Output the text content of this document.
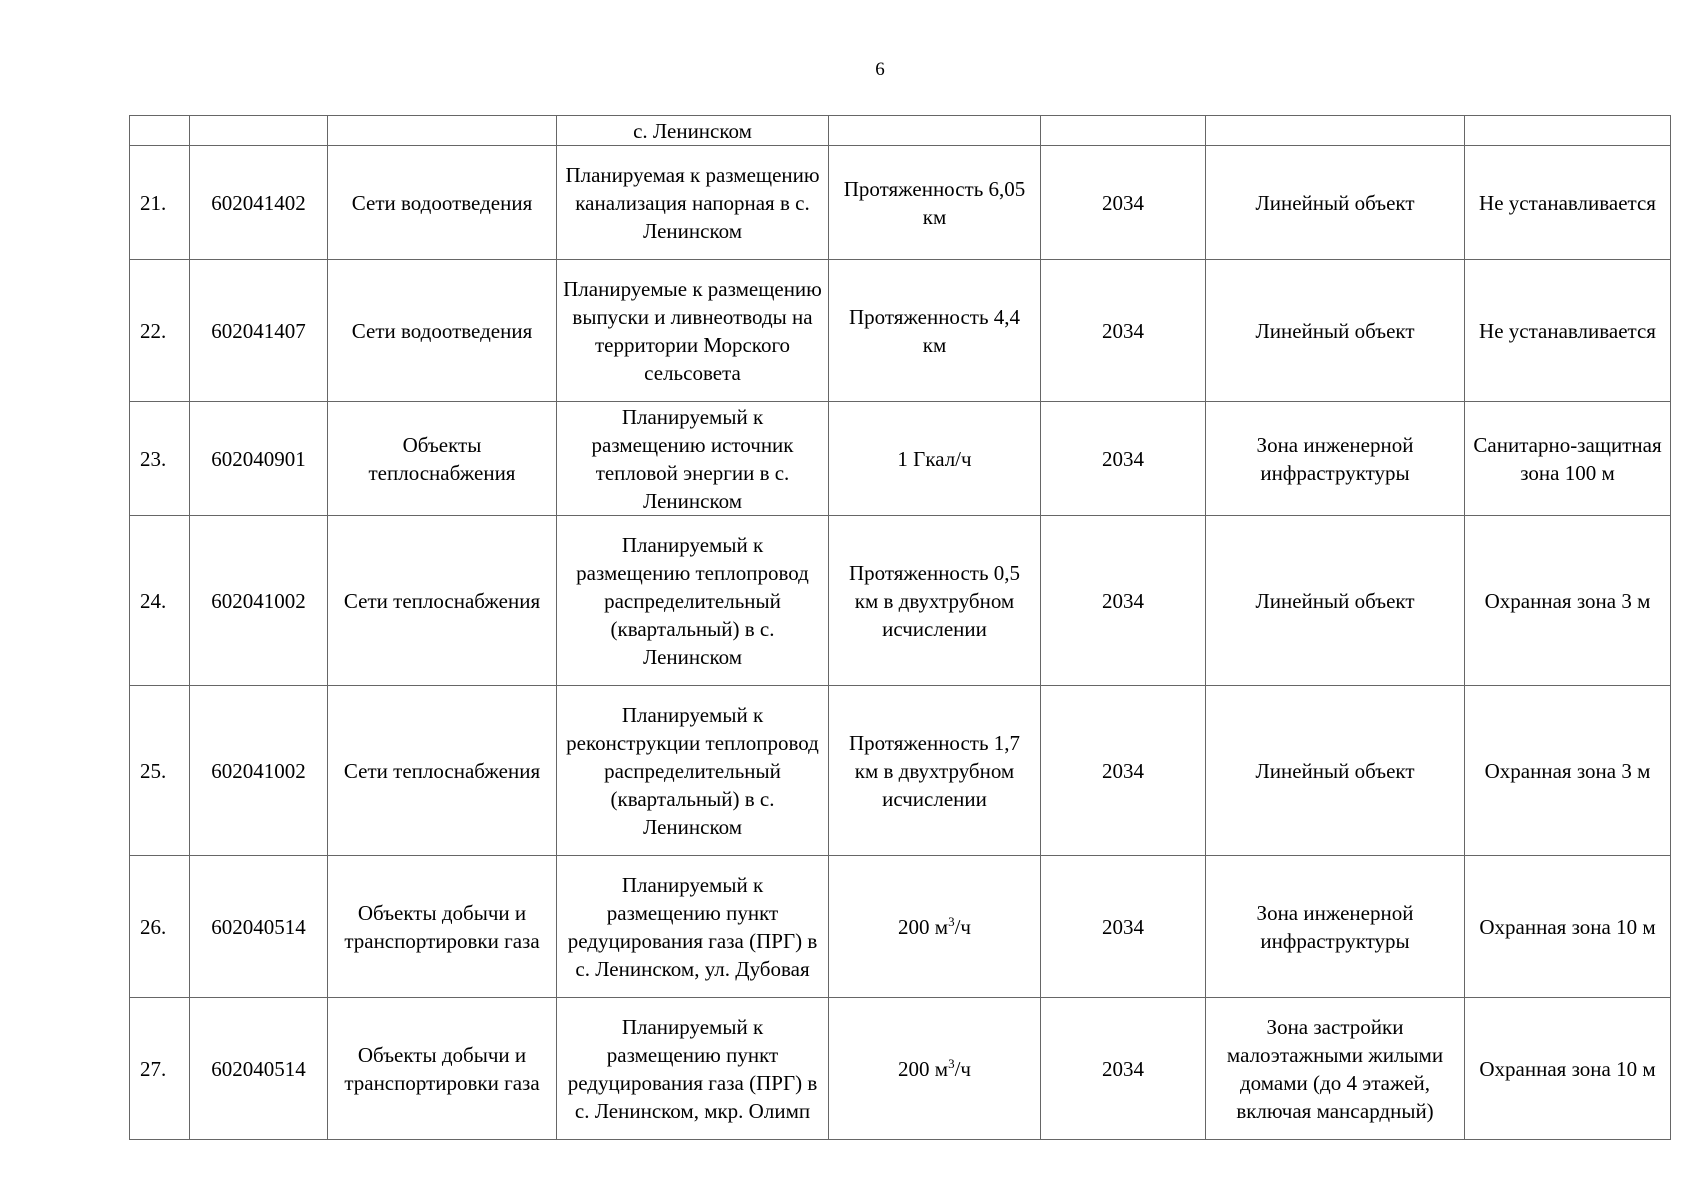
6
			с. Ленинском				
21.	602041402	Сети водоотведения	Планируемая к размещению канализация напорная в с. Ленинском	Протяженность 6,05 км	2034	Линейный объект	Не устанавливается
22.	602041407	Сети водоотведения	Планируемые к размещению выпуски и ливнеотводы на территории Морского сельсовета	Протяженность 4,4 км	2034	Линейный объект	Не устанавливается
23.	602040901	Объекты теплоснабжения	Планируемый к размещению источник тепловой энергии в с. Ленинском	1 Гкал/ч	2034	Зона инженерной инфраструктуры	Санитарно-защитная зона 100 м
24.	602041002	Сети теплоснабжения	Планируемый к размещению теплопровод распределительный (квартальный) в с. Ленинском	Протяженность 0,5 км в двухтрубном исчислении	2034	Линейный объект	Охранная зона 3 м
25.	602041002	Сети теплоснабжения	Планируемый к реконструкции теплопровод распределительный (квартальный) в с. Ленинском	Протяженность 1,7 км в двухтрубном исчислении	2034	Линейный объект	Охранная зона 3 м
26.	602040514	Объекты добычи и транспортировки газа	Планируемый к размещению пункт редуцирования газа (ПРГ) в с. Ленинском, ул. Дубовая	200 $м^3/ч$	2034	Зона инженерной инфраструктуры	Охранная зона 10 м
27.	602040514	Объекты добычи и транспортировки газа	Планируемый к размещению пункт редуцирования газа (ПРГ) в с. Ленинском, мкр. Олимп	200 $м^3/ч$	2034	Зона застройки малоэтажными жилыми домами (до 4 этажей, включая мансардный)	Охранная зона 10 м
